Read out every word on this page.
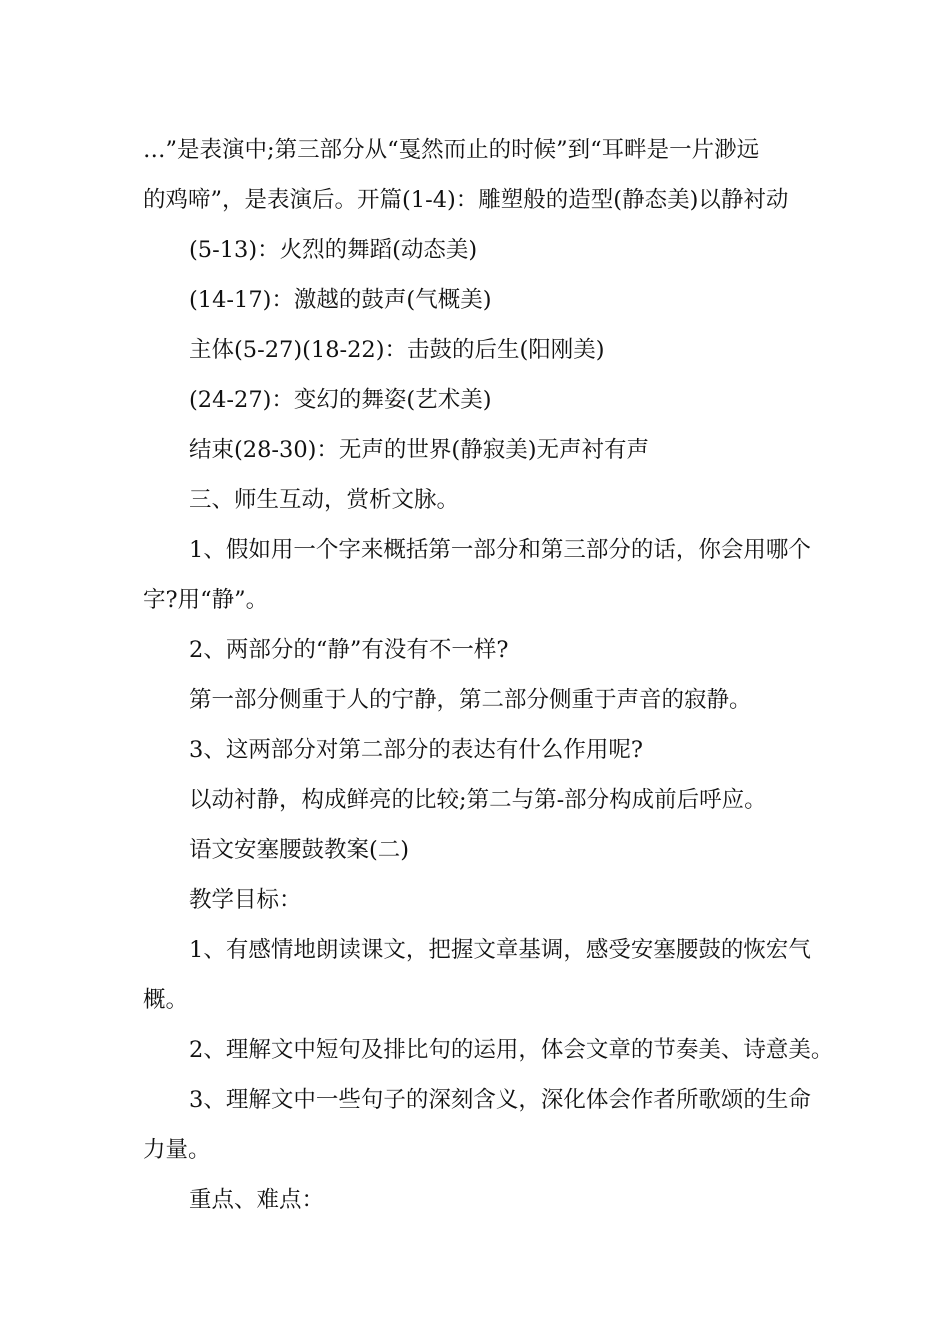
…”是表演中;第三部分从“戛然而止的时候”到“耳畔是一片渺远
的鸡啼”，是表演后。开篇(1-4)：雕塑般的造型(静态美)以静衬动
(5-13)：火烈的舞蹈(动态美)
(14-17)：激越的鼓声(气概美)
主体(5-27)(18-22)：击鼓的后生(阳刚美)
(24-27)：变幻的舞姿(艺术美)
结束(28-30)：无声的世界(静寂美)无声衬有声
三、师生互动，赏析文脉。
1、假如用一个字来概括第一部分和第三部分的话，你会用哪个
字?用“静”。
2、两部分的“静”有没有不一样?
第一部分侧重于人的宁静，第二部分侧重于声音的寂静。
3、这两部分对第二部分的表达有什么作用呢?
以动衬静，构成鲜亮的比较;第二与第-部分构成前后呼应。
语文安塞腰鼓教案(二)
教学目标：
1、有感情地朗读课文，把握文章基调，感受安塞腰鼓的恢宏气
概。
2、理解文中短句及排比句的运用，体会文章的节奏美、诗意美。
3、理解文中一些句子的深刻含义，深化体会作者所歌颂的生命
力量。
重点、难点：
